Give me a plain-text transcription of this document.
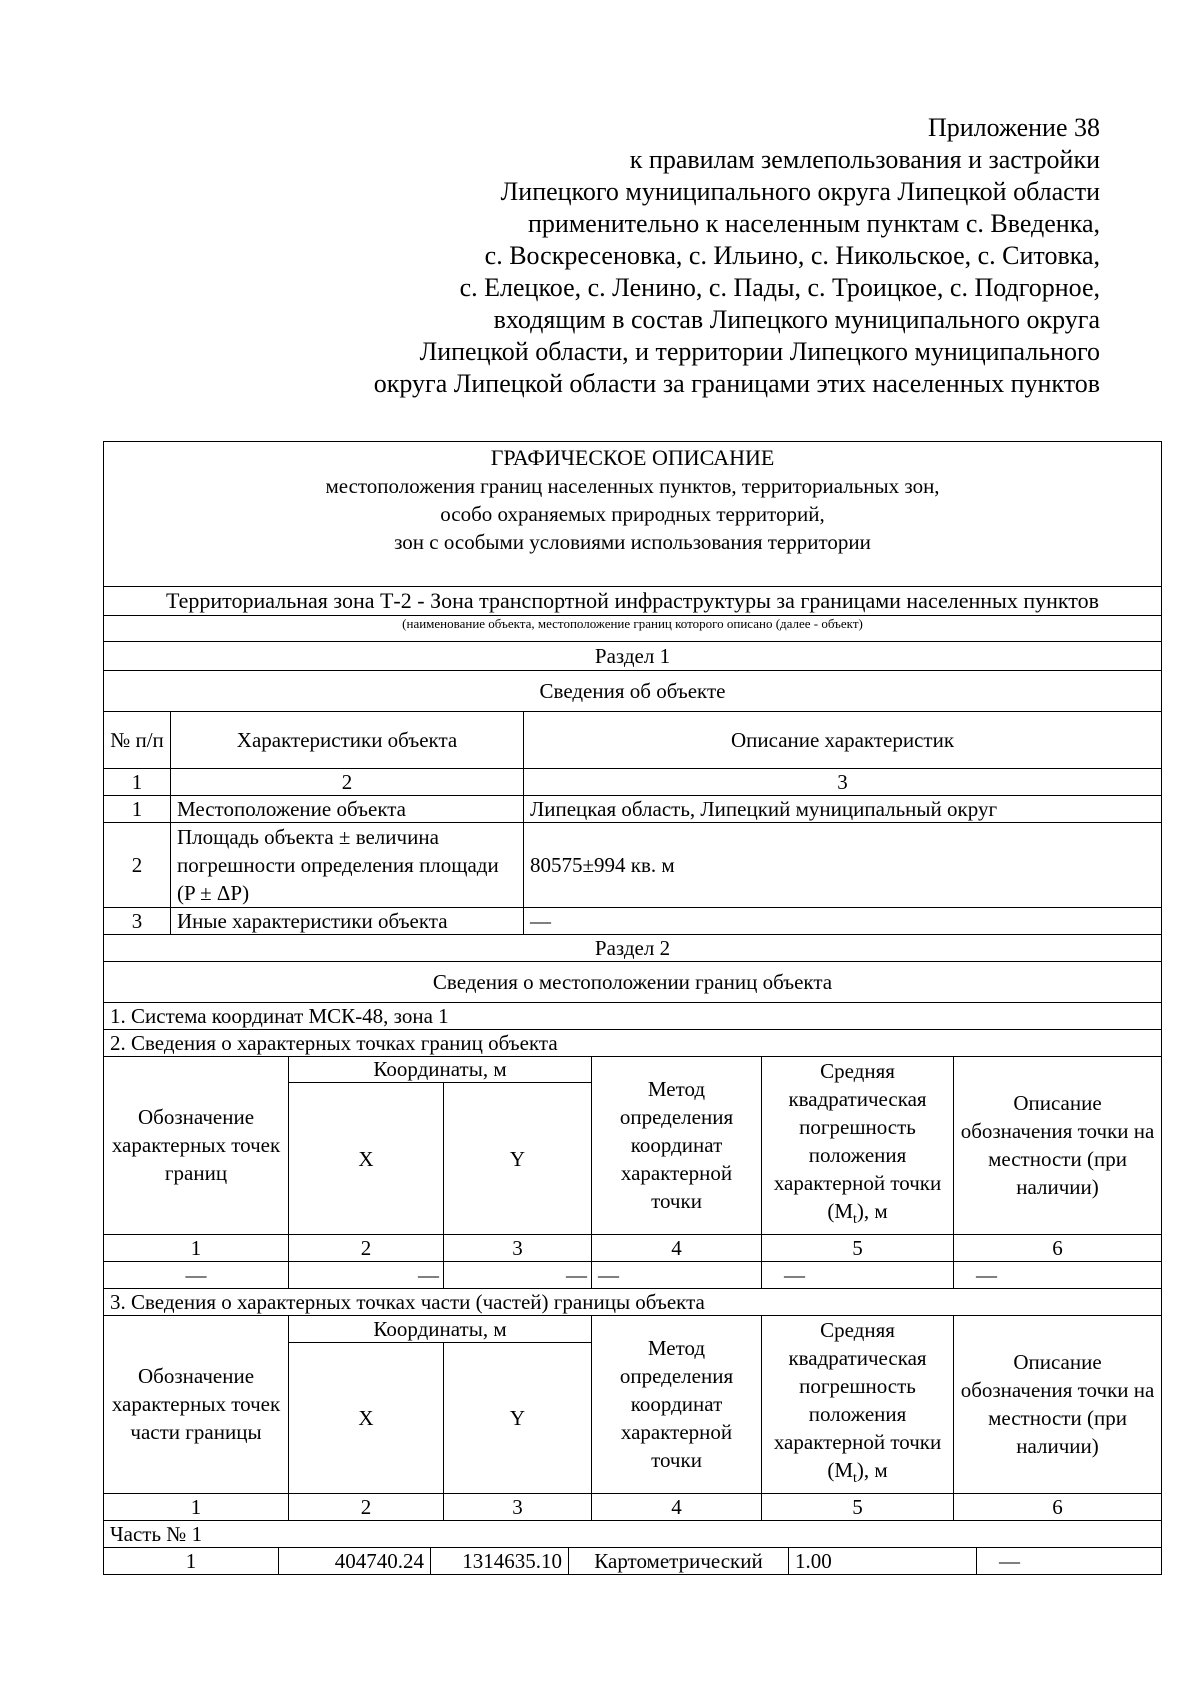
Приложение 38
к правилам землепользования и застройки
Липецкого муниципального округа Липецкой области
применительно к населенным пунктам с. Введенка,
с. Воскресеновка, с. Ильино, с. Никольское, с. Ситовка,
с. Елецкое, с. Ленино, с. Пады, с. Троицкое, с. Подгорное,
входящим в состав Липецкого муниципального округа
Липецкой области, и территории Липецкого муниципального
округа Липецкой области за границами этих населенных пунктов
ГРАФИЧЕСКОЕ ОПИСАНИЕ
местоположения границ населенных пунктов, территориальных зон,
особо охраняемых природных территорий,
зон с особыми условиями использования территории		

Территориальная зона Т-2 - Зона транспортной инфраструктуры за границами населенных пунктов		
(наименование объекта, местоположение границ которого описано (далее - объект)		
Раздел 1		
Сведения об объекте		
№ п/п	Характеристики объекта	Описание характеристик
1	2	3
1	Местоположение объекта	Липецкая область, Липецкий муниципальный округ
2	Площадь объекта ± величина погрешности определения площади (P ± ΔP)	80575±994 кв. м
3	Иные характеристики объекта	—
Раздел 2		
Сведения о местоположении границ объекта		
1. Система координат МСК-48, зона 1		
2. Сведения о характерных точках границ объекта		
Обозначение характерных точек границ	Координаты, м		Метод определения координат характерной точки	Средняя квадратическая погрешность положения характерной точки $(M_t)$, м	Описание обозначения точки на местности (при наличии)
	X	Y			
1	2	3	4	5	6
—	—	—	—	—	—
3. Сведения о характерных точках части (частей) границы объекта					
Обозначение характерных точек части границы	Координаты, м		Метод определения координат характерной точки	Средняя квадратическая погрешность положения характерной точки $(M_t)$, м	Описание обозначения точки на местности (при наличии)
	X	Y			
1	2	3	4	5	6
Часть № 1					
1	404740.24	1314635.10	Картометрический	1.00	—
